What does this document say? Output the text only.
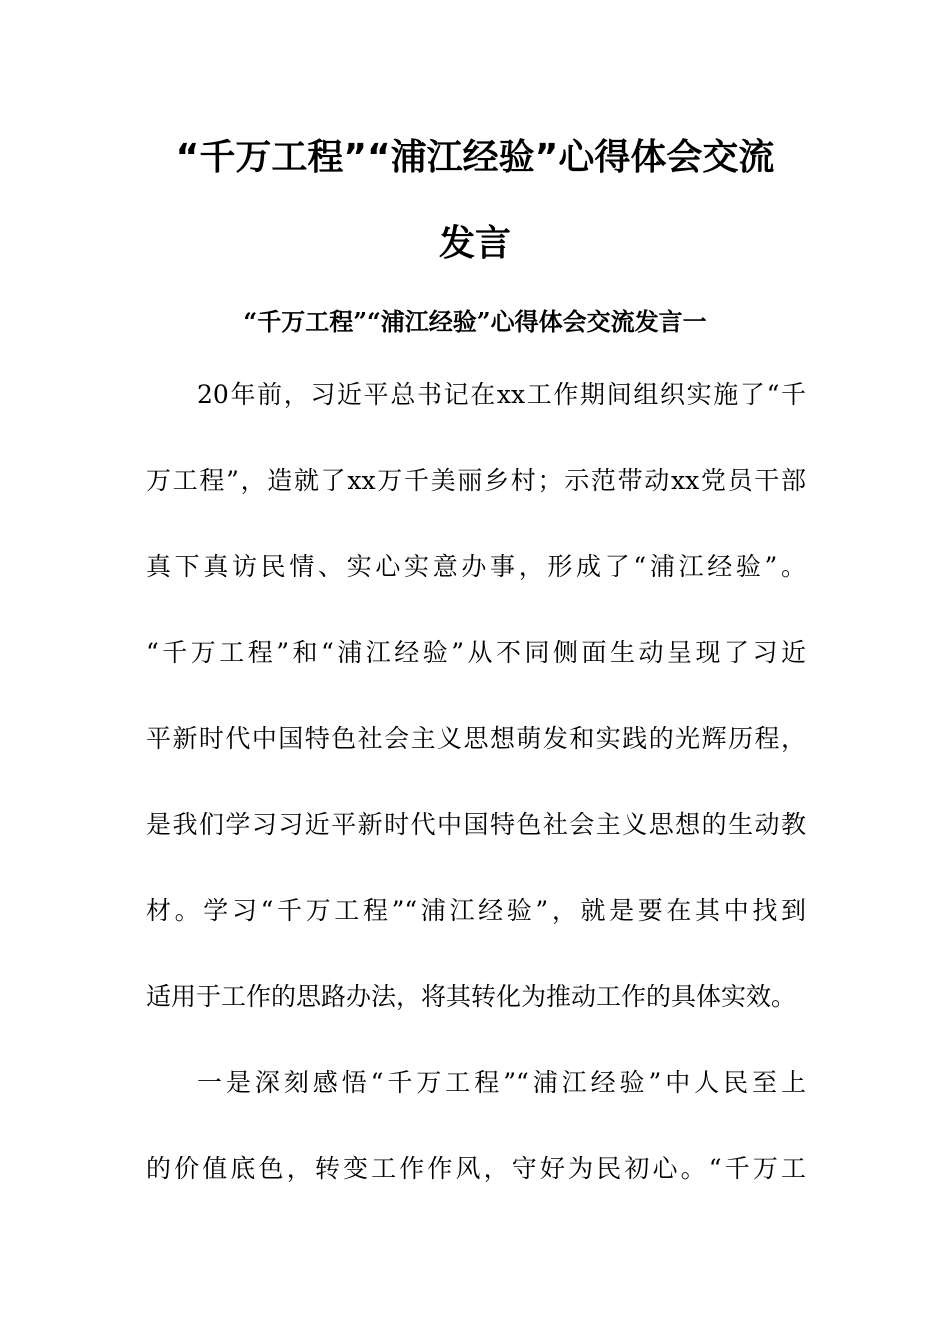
“千万工程”“浦江经验”心得体会交流
发言
“千万工程”“浦江经验”心得体会交流发言一

20年前，习近平总书记在xx工作期间组织实施了“千

万工程”，造就了xx万千美丽乡村；示范带动xx党员干部

真下真访民情、实心实意办事，形成了“浦江经验”。

“千万工程”和“浦江经验”从不同侧面生动呈现了习近

平新时代中国特色社会主义思想萌发和实践的光辉历程，

是我们学习习近平新时代中国特色社会主义思想的生动教

材。学习“千万工程”“浦江经验”，就是要在其中找到

适用于工作的思路办法，将其转化为推动工作的具体实效。

一是深刻感悟“千万工程”“浦江经验”中人民至上

的价值底色，转变工作作风，守好为民初心。“千万工
